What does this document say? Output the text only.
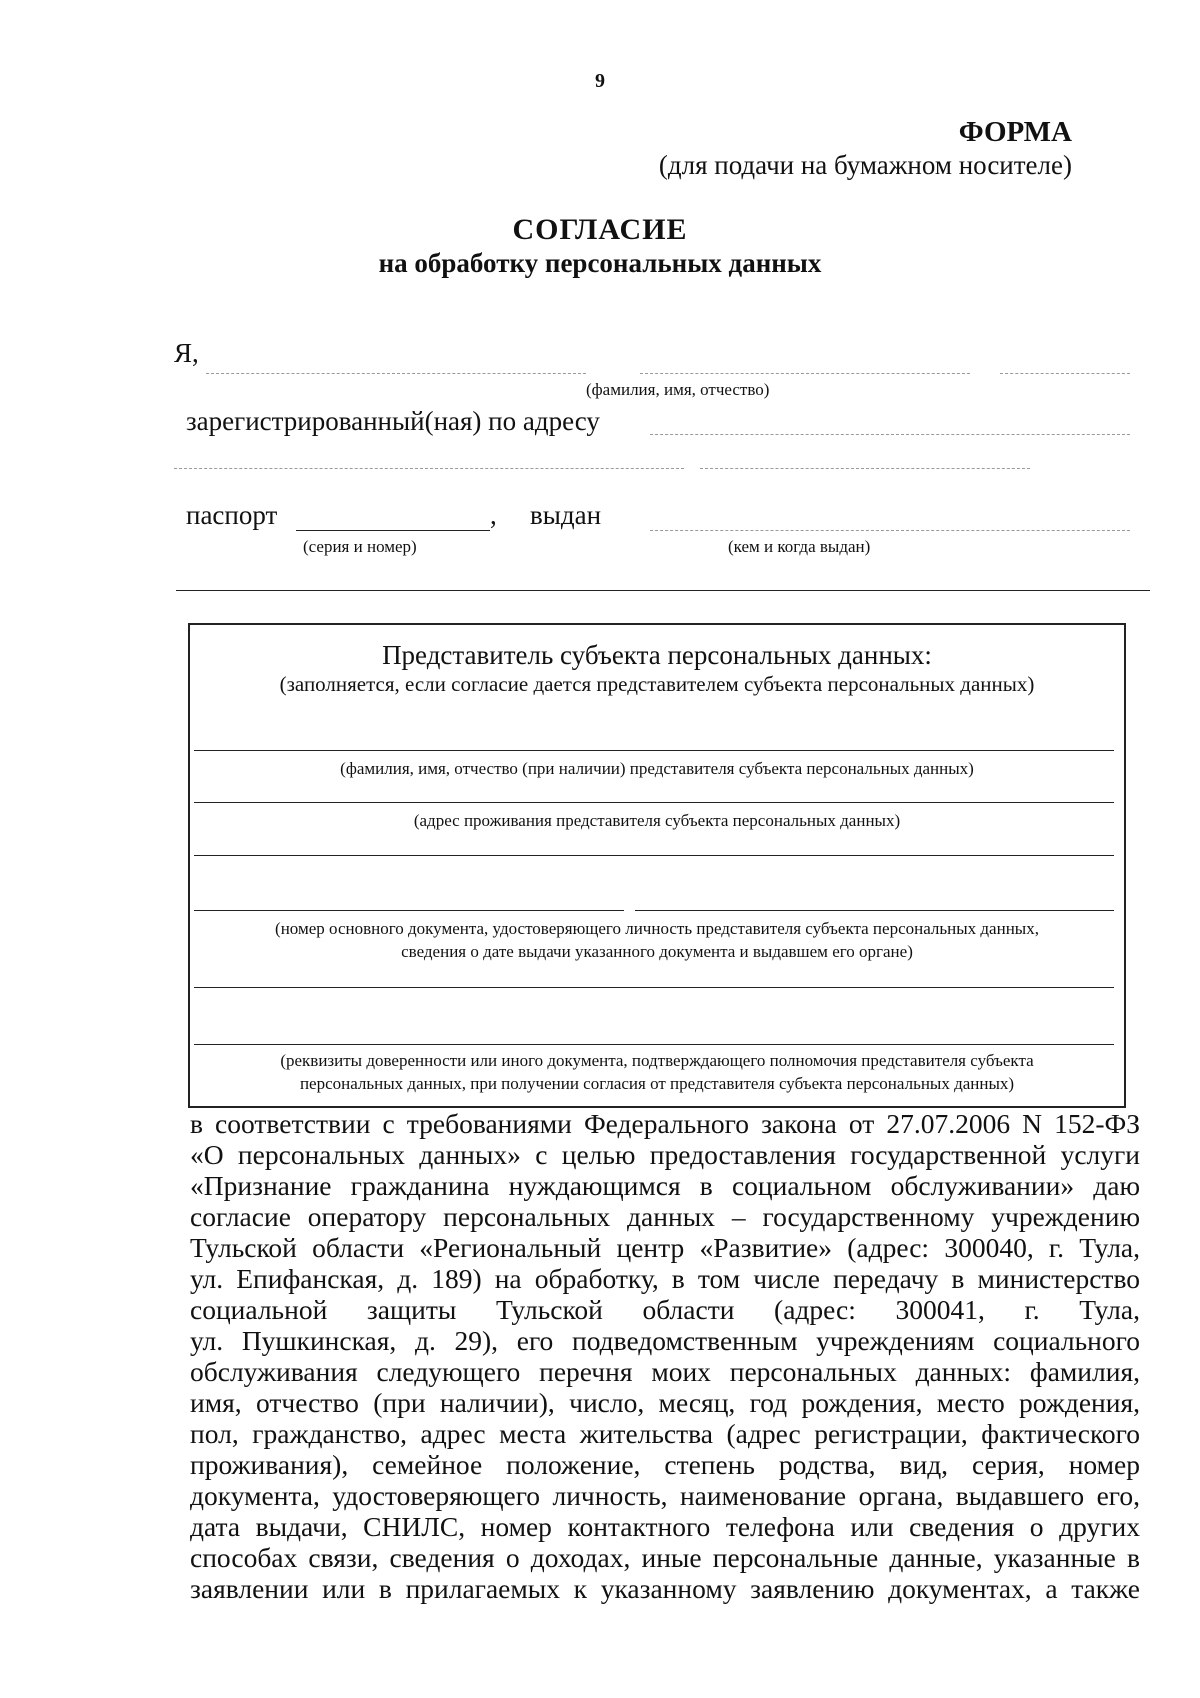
9
ФОРМА
(для подачи на бумажном носителе)
СОГЛАСИЕ
на обработку персональных данных
Я,
(фамилия, имя, отчество)
зарегистрированный(ная) по адресу
паспорт	, выдан
(серия и номер)	(кем и когда выдан)
Представитель субъекта персональных данных:
(заполняется, если согласие дается представителем субъекта персональных данных)
(фамилия, имя, отчество (при наличии) представителя субъекта персональных данных)
(адрес проживания представителя субъекта персональных данных)
(номер основного документа, удостоверяющего личность представителя субъекта персональных данных,
сведения о дате выдачи указанного документа и выдавшем его органе)
(реквизиты доверенности или иного документа, подтверждающего полномочия представителя субъекта
персональных данных, при получении согласия от представителя субъекта персональных данных)
в соответствии с требованиями Федерального закона от 27.07.2006 N 152-ФЗ
«О персональных данных» с целью предоставления государственной услуги
«Признание гражданина нуждающимся в социальном обслуживании» даю
согласие оператору персональных данных – государственному учреждению
Тульской области «Региональный центр «Развитие» (адрес: 300040, г. Тула,
ул. Епифанская, д. 189) на обработку, в том числе передачу в министерство
социальной защиты Тульской области (адрес: 300041, г. Тула,
ул. Пушкинская, д. 29), его подведомственным учреждениям социального
обслуживания следующего перечня моих персональных данных: фамилия,
имя, отчество (при наличии), число, месяц, год рождения, место рождения,
пол, гражданство, адрес места жительства (адрес регистрации, фактического
проживания), семейное положение, степень родства, вид, серия, номер
документа, удостоверяющего личность, наименование органа, выдавшего его,
дата выдачи, СНИЛС, номер контактного телефона или сведения о других
способах связи, сведения о доходах, иные персональные данные, указанные в
заявлении или в прилагаемых к указанному заявлению документах, а также
